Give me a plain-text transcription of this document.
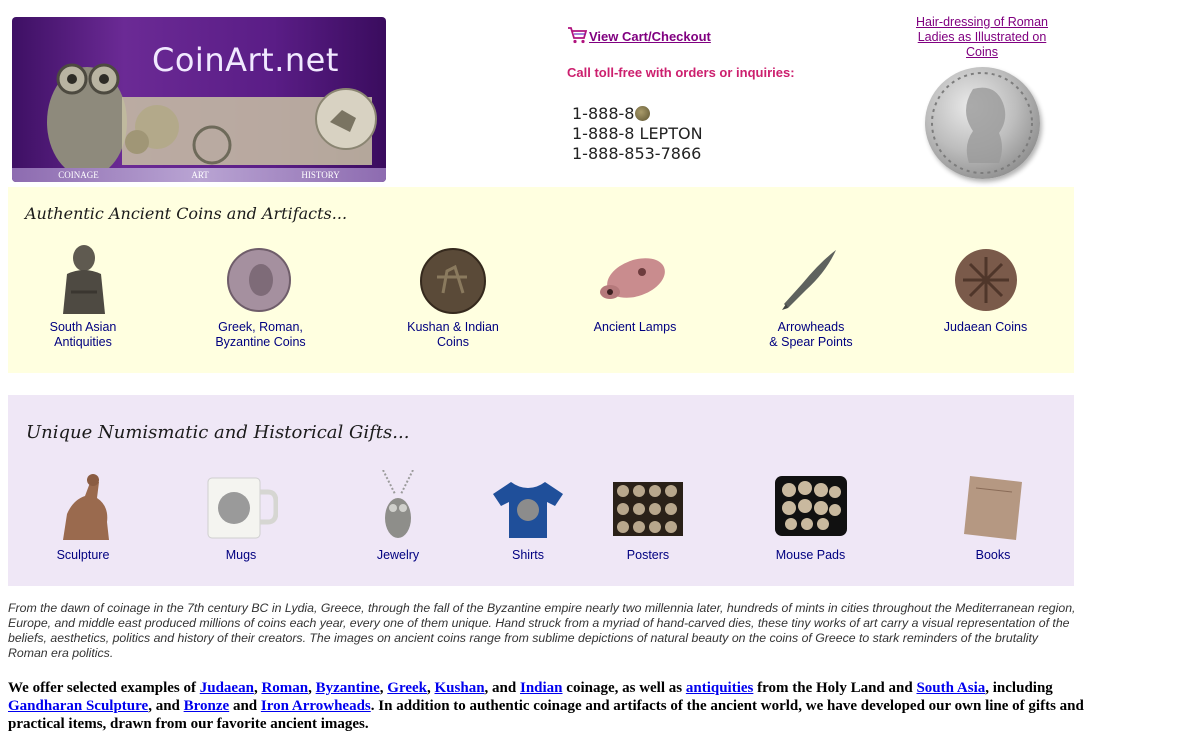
CoinArt.net
COINAGE	ART	HISTORY
View Cart/Checkout
Call toll-free with orders or inquiries:
1-888-8
1-888-8 LEPTON
1-888-853-7866
Hair-dressing of Roman Ladies as Illustrated on Coins
Authentic Ancient Coins and Artifacts...
South Asian
Antiquities
Greek, Roman,
Byzantine Coins
Kushan & Indian
Coins
Ancient Lamps	Arrowheads
& Spear Points
Judaean Coins
Unique Numismatic and Historical Gifts...
Sculpture	Mugs	Jewelry	Shirts	Posters	Mouse Pads	Books
From the dawn of coinage in the 7th century BC in Lydia, Greece, through the fall of the Byzantine empire nearly two millennia later, hundreds of mints in cities throughout the Mediterranean region, Europe, and middle east produced millions of coins each year, every one of them unique. Hand struck from a myriad of hand-carved dies, these tiny works of art carry a visual representation of the beliefs, aesthetics, politics and history of their creators. The images on ancient coins range from sublime depictions of natural beauty on the coins of Greece to stark reminders of the brutality Roman era politics.
We offer selected examples of Judaean, Roman, Byzantine, Greek, Kushan, and Indian coinage, as well as antiquities from the Holy Land and South Asia, including Gandharan Sculpture, and Bronze and Iron Arrowheads. In addition to authentic coinage and artifacts of the ancient world, we have developed our own line of gifts and practical items, drawn from our favorite ancient images.
